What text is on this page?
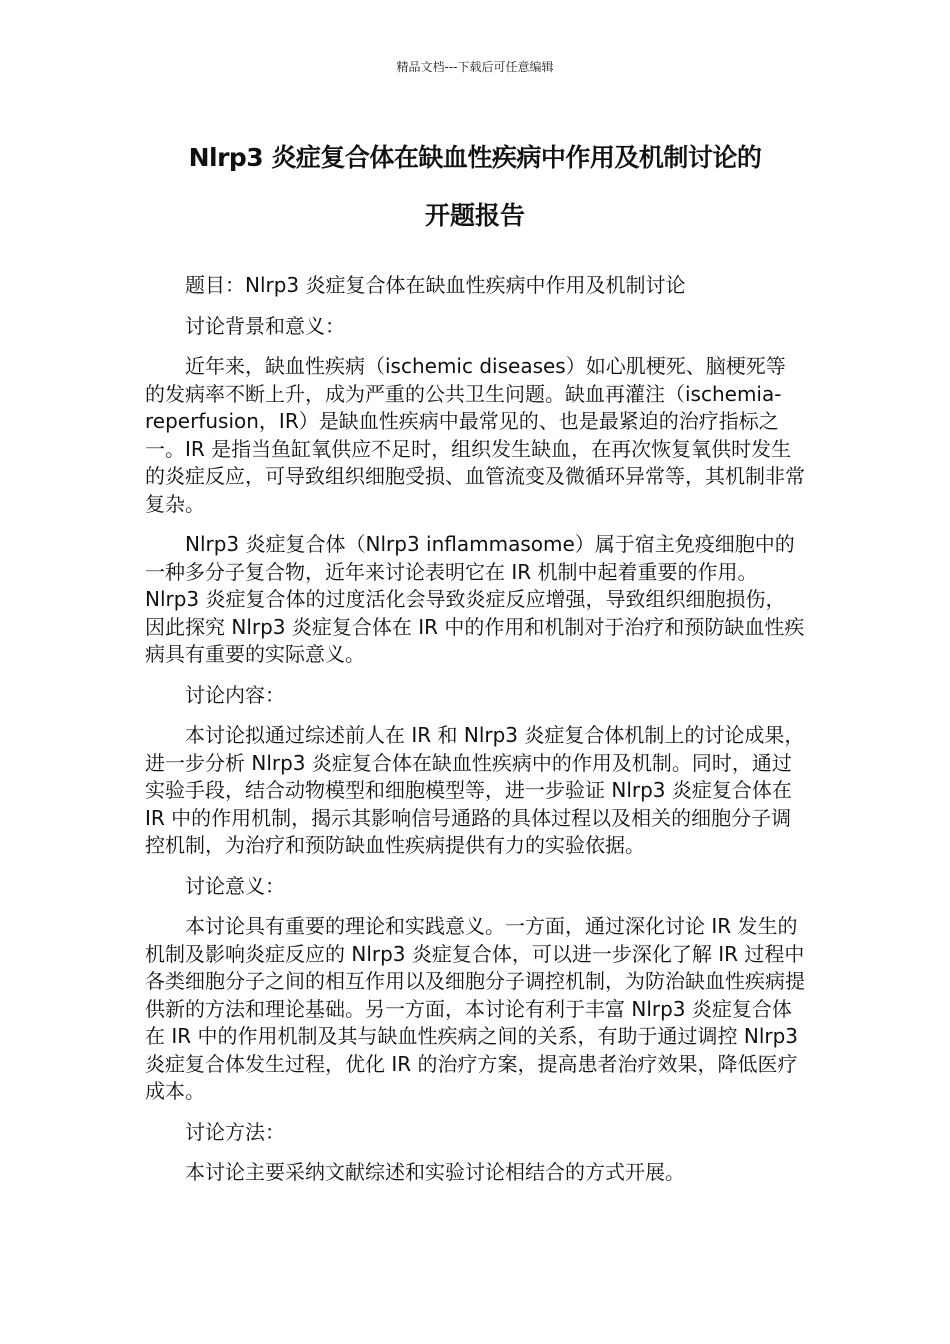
精品文档---下载后可任意编辑
Nlrp3 炎症复合体在缺血性疾病中作用及机制讨论的
开题报告

题目：Nlrp3 炎症复合体在缺血性疾病中作用及机制讨论

讨论背景和意义：

近年来，缺血性疾病（ischemic diseases）如心肌梗死、脑梗死等的发病率不断上升，成为严重的公共卫生问题。缺血再灌注（ischemia-reperfusion，IR）是缺血性疾病中最常见的、也是最紧迫的治疗指标之一。IR 是指当鱼缸氧供应不足时，组织发生缺血，在再次恢复氧供时发生的炎症反应，可导致组织细胞受损、血管流变及微循环异常等，其机制非常复杂。

Nlrp3 炎症复合体（Nlrp3 inflammasome）属于宿主免疫细胞中的一种多分子复合物，近年来讨论表明它在 IR 机制中起着重要的作用。Nlrp3 炎症复合体的过度活化会导致炎症反应增强，导致组织细胞损伤，因此探究 Nlrp3 炎症复合体在 IR 中的作用和机制对于治疗和预防缺血性疾病具有重要的实际意义。

讨论内容：

本讨论拟通过综述前人在 IR 和 Nlrp3 炎症复合体机制上的讨论成果，进一步分析 Nlrp3 炎症复合体在缺血性疾病中的作用及机制。同时，通过实验手段，结合动物模型和细胞模型等，进一步验证 Nlrp3 炎症复合体在 IR 中的作用机制，揭示其影响信号通路的具体过程以及相关的细胞分子调控机制，为治疗和预防缺血性疾病提供有力的实验依据。

讨论意义：

本讨论具有重要的理论和实践意义。一方面，通过深化讨论 IR 发生的机制及影响炎症反应的 Nlrp3 炎症复合体，可以进一步深化了解 IR 过程中各类细胞分子之间的相互作用以及细胞分子调控机制，为防治缺血性疾病提供新的方法和理论基础。另一方面，本讨论有利于丰富 Nlrp3 炎症复合体在 IR 中的作用机制及其与缺血性疾病之间的关系，有助于通过调控 Nlrp3 炎症复合体发生过程，优化 IR 的治疗方案，提高患者治疗效果，降低医疗成本。

讨论方法：

本讨论主要采纳文献综述和实验讨论相结合的方式开展。
